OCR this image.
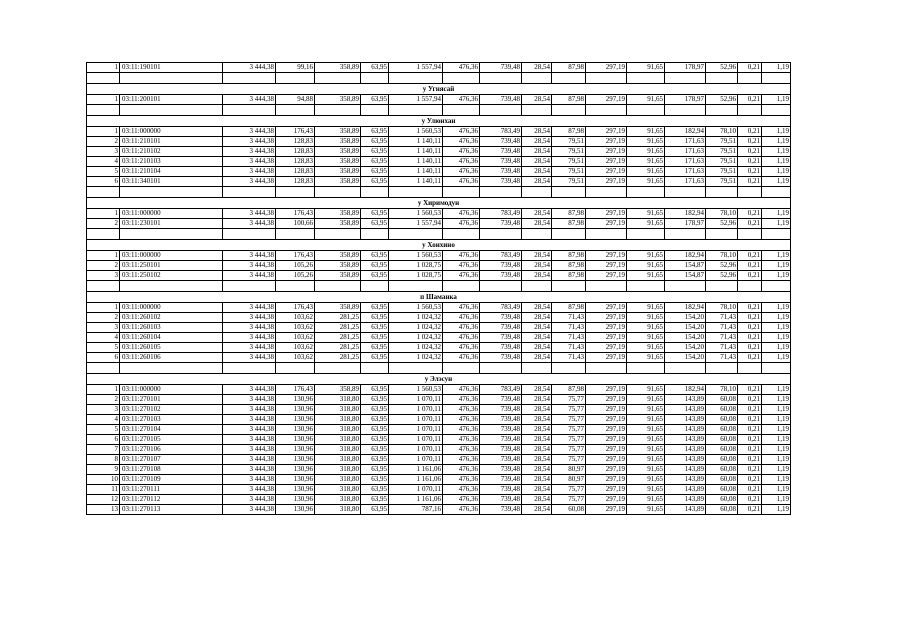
1	03:11:190101	3 444,38	99,16	358,89	63,95	1 557,94	476,36	739,48	28,54	87,98	297,19	91,65	178,97	52,96	0,21	1,19

у Угнясай																
1	03:11:200101	3 444,38	94,88	358,89	63,95	1 557,94	476,36	739,48	28,54	87,98	297,19	91,65	178,97	52,96	0,21	1,19

у Улюнхан																
1	03:11:000000	3 444,38	176,43	358,89	63,95	1 560,53	476,36	783,49	28,54	87,98	297,19	91,65	182,94	78,10	0,21	1,19
2	03:11:210101	3 444,38	128,83	358,89	63,95	1 140,11	476,36	739,48	28,54	79,51	297,19	91,65	171,63	79,51	0,21	1,19
3	03:11:210102	3 444,38	128,83	358,89	63,95	1 140,11	476,36	739,48	28,54	79,51	297,19	91,65	171,63	79,51	0,21	1,19
4	03:11:210103	3 444,38	128,83	358,89	63,95	1 140,11	476,36	739,48	28,54	79,51	297,19	91,65	171,63	79,51	0,21	1,19
5	03:11:210104	3 444,38	128,83	358,89	63,95	1 140,11	476,36	739,48	28,54	79,51	297,19	91,65	171,63	79,51	0,21	1,19
6	03:11:340101	3 444,38	128,83	358,89	63,95	1 140,11	476,36	739,48	28,54	79,51	297,19	91,65	171,63	79,51	0,21	1,19

у Хиримодун																
1	03:11:000000	3 444,38	176,43	358,89	63,95	1 560,53	476,36	783,49	28,54	87,98	297,19	91,65	182,94	78,10	0,21	1,19
2	03:11:230101	3 444,38	100,66	358,89	63,95	1 557,94	476,36	739,48	28,54	87,98	297,19	91,65	178,97	52,96	0,21	1,19

у Хонхино																
1	03:11:000000	3 444,38	176,43	358,89	63,95	1 560,53	476,36	783,49	28,54	87,98	297,19	91,65	182,94	78,10	0,21	1,19
2	03:11:250101	3 444,38	105,26	358,89	63,95	1 028,75	476,36	739,48	28,54	87,98	297,19	91,65	154,87	52,96	0,21	1,19
3	03:11:250102	3 444,38	105,26	358,89	63,95	1 028,75	476,36	739,48	28,54	87,98	297,19	91,65	154,87	52,96	0,21	1,19

п Шаманка																
1	03:11:000000	3 444,38	176,43	358,89	63,95	1 560,53	476,36	783,49	28,54	87,98	297,19	91,65	182,94	78,10	0,21	1,19
2	03:11:260102	3 444,38	103,62	281,25	63,95	1 024,32	476,36	739,48	28,54	71,43	297,19	91,65	154,20	71,43	0,21	1,19
3	03:11:260103	3 444,38	103,62	281,25	63,95	1 024,32	476,36	739,48	28,54	71,43	297,19	91,65	154,20	71,43	0,21	1,19
4	03:11:260104	3 444,38	103,62	281,25	63,95	1 024,32	476,36	739,48	28,54	71,43	297,19	91,65	154,20	71,43	0,21	1,19
5	03:11:260105	3 444,38	103,62	281,25	63,95	1 024,32	476,36	739,48	28,54	71,43	297,19	91,65	154,20	71,43	0,21	1,19
6	03:11:260106	3 444,38	103,62	281,25	63,95	1 024,32	476,36	739,48	28,54	71,43	297,19	91,65	154,20	71,43	0,21	1,19

у Элэсун																
1	03:11:000000	3 444,38	176,43	358,89	63,95	1 560,53	476,36	783,49	28,54	87,98	297,19	91,65	182,94	78,10	0,21	1,19
2	03:11:270101	3 444,38	130,96	318,80	63,95	1 070,11	476,36	739,48	28,54	75,77	297,19	91,65	143,89	60,08	0,21	1,19
3	03:11:270102	3 444,38	130,96	318,80	63,95	1 070,11	476,36	739,48	28,54	75,77	297,19	91,65	143,89	60,08	0,21	1,19
4	03:11:270103	3 444,38	130,96	318,80	63,95	1 070,11	476,36	739,48	28,54	75,77	297,19	91,65	143,89	60,08	0,21	1,19
5	03:11:270104	3 444,38	130,96	318,80	63,95	1 070,11	476,36	739,48	28,54	75,77	297,19	91,65	143,89	60,08	0,21	1,19
6	03:11:270105	3 444,38	130,96	318,80	63,95	1 070,11	476,36	739,48	28,54	75,77	297,19	91,65	143,89	60,08	0,21	1,19
7	03:11:270106	3 444,38	130,96	318,80	63,95	1 070,11	476,36	739,48	28,54	75,77	297,19	91,65	143,89	60,08	0,21	1,19
8	03:11:270107	3 444,38	130,96	318,80	63,95	1 070,11	476,36	739,48	28,54	75,77	297,19	91,65	143,89	60,08	0,21	1,19
9	03:11:270108	3 444,38	130,96	318,80	63,95	1 161,06	476,36	739,48	28,54	80,97	297,19	91,65	143,89	60,08	0,21	1,19
10	03:11:270109	3 444,38	130,96	318,80	63,95	1 161,06	476,36	739,48	28,54	80,97	297,19	91,65	143,89	60,08	0,21	1,19
11	03:11:270111	3 444,38	130,96	318,80	63,95	1 070,11	476,36	739,48	28,54	75,77	297,19	91,65	143,89	60,08	0,21	1,19
12	03:11:270112	3 444,38	130,96	318,80	63,95	1 161,06	476,36	739,48	28,54	75,77	297,19	91,65	143,89	60,08	0,21	1,19
13	03:11:270113	3 444,38	130,96	318,80	63,95	787,16	476,36	739,48	28,54	60,08	297,19	91,65	143,89	60,08	0,21	1,19
